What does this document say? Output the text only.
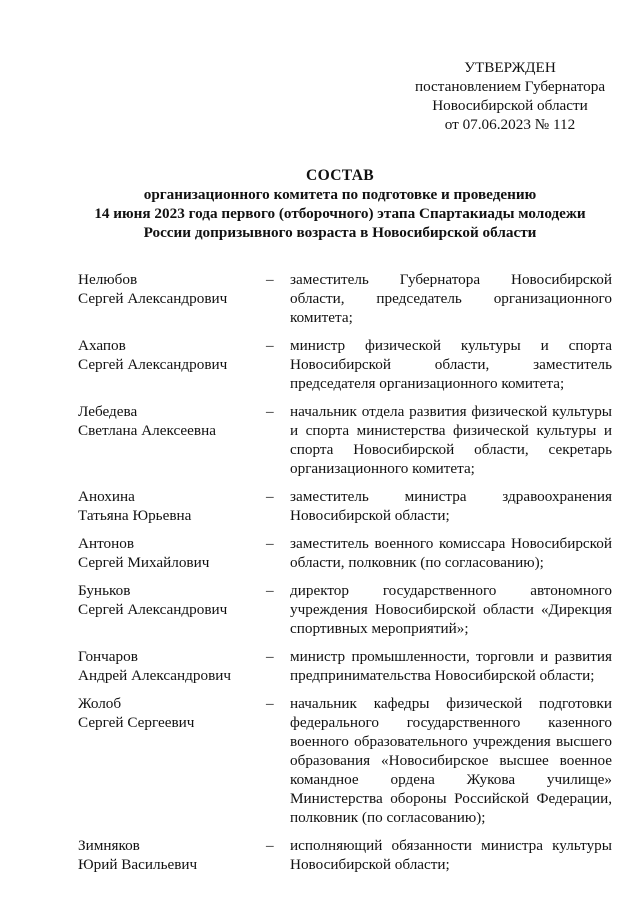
УТВЕРЖДЕН
постановлением Губернатора
Новосибирской области
от 07.06.2023 № 112
СОСТАВ
организационного комитета по подготовке и проведению
14 июня 2023 года первого (отборочного) этапа Спартакиады молодежи
России допризывного возраста в Новосибирской области
Нелюбов
Сергей Александрович
–	заместитель Губернатора Новосибирской области, председатель организационного комитета;
Ахапов
Сергей Александрович
–	министр физической культуры и спорта Новосибирской области, заместитель председателя организационного комитета;
Лебедева
Светлана Алексеевна
–	начальник отдела развития физической культуры и спорта министерства физической культуры и спорта Новосибирской области, секретарь организационного комитета;
Анохина
Татьяна Юрьевна
–	заместитель министра здравоохранения Новосибирской области;
Антонов
Сергей Михайлович
–	заместитель военного комиссара Новосибирской области, полковник (по согласованию);
Буньков
Сергей Александрович
–	директор государственного автономного учреждения Новосибирской области «Дирекция спортивных мероприятий»;
Гончаров
Андрей Александрович
–	министр промышленности, торговли и развития предпринимательства Новосибирской области;
Жолоб
Сергей Сергеевич
–	начальник кафедры физической подготовки федерального государственного казенного военного образовательного учреждения высшего образования «Новосибирское высшее военное командное ордена Жукова училище» Министерства обороны Российской Федерации, полковник (по согласованию);
Зимняков
Юрий Васильевич
–	исполняющий обязанности министра культуры Новосибирской области;
